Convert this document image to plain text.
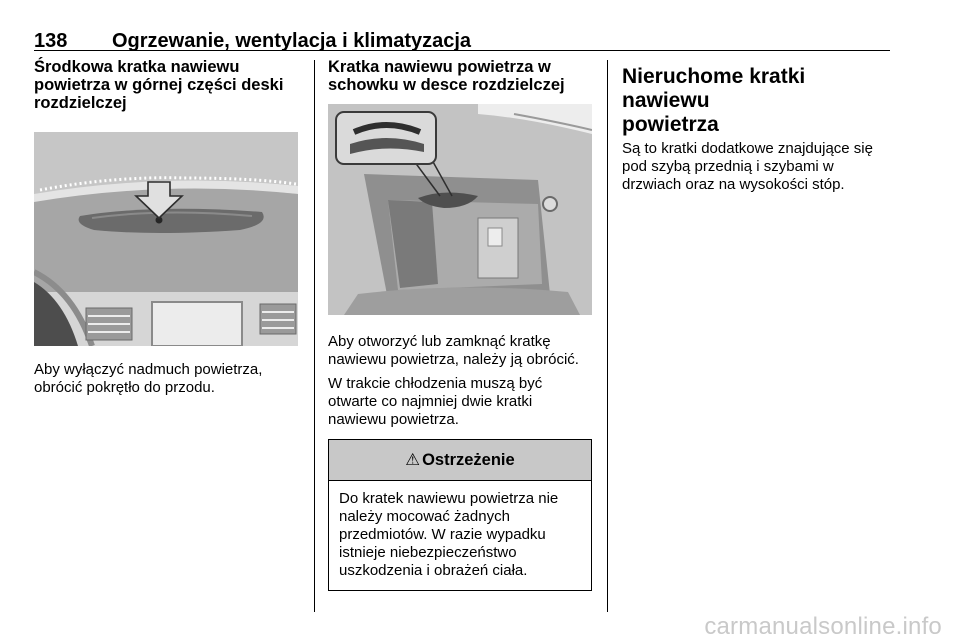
138 Ogrzewanie, wentylacja i klimatyzacja
Środkowa kratka nawiewu
powietrza w górnej części deski
rozdzielczej

Aby wyłączyć nadmuch powietrza,
obrócić pokrętło do przodu.

Kratka nawiewu powietrza w
schowku w desce rozdzielczej

Aby otworzyć lub zamknąć kratkę
nawiewu powietrza, należy ją obrócić.

W trakcie chłodzenia muszą być
otwarte co najmniej dwie kratki
nawiewu powietrza.

⚠ Ostrzeżenie
Do kratek nawiewu powietrza nie
należy mocować żadnych
przedmiotów. W razie wypadku
istnieje niebezpieczeństwo
uszkodzenia i obrażeń ciała.
Nieruchome kratki nawiewu
powietrza

Są to kratki dodatkowe znajdujące się
pod szybą przednią i szybami w
drzwiach oraz na wysokości stóp.

carmanualsonline.info
